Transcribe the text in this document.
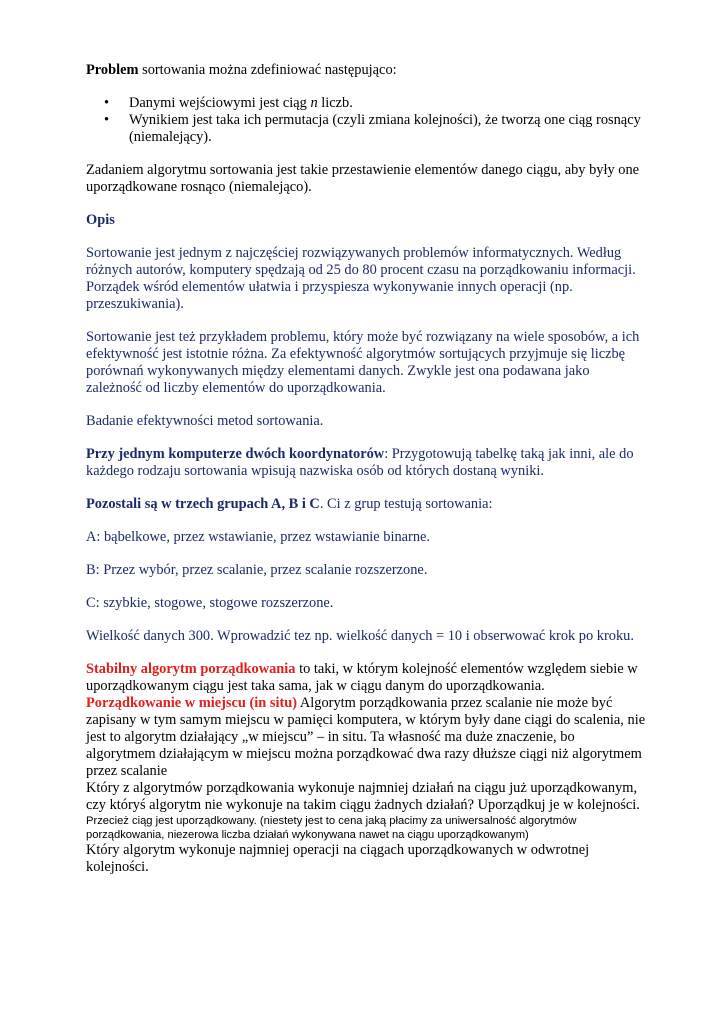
Problem sortowania można zdefiniować następująco:

• Danymi wejściowymi jest ciąg n liczb.
• Wynikiem jest taka ich permutacja (czyli zmiana kolejności), że tworzą one ciąg rosnący (niemalejący).

Zadaniem algorytmu sortowania jest takie przestawienie elementów danego ciągu, aby były one uporządkowane rosnąco (niemalejąco).

Opis

Sortowanie jest jednym z najczęściej rozwiązywanych problemów informatycznych. Według różnych autorów, komputery spędzają od 25 do 80 procent czasu na porządkowaniu informacji. Porządek wśród elementów ułatwia i przyspiesza wykonywanie innych operacji (np. przeszukiwania).

Sortowanie jest też przykładem problemu, który może być rozwiązany na wiele sposobów, a ich efektywność jest istotnie różna. Za efektywność algorytmów sortujących przyjmuje się liczbę porównań wykonywanych między elementami danych. Zwykle jest ona podawana jako zależność od liczby elementów do uporządkowania.

Badanie efektywności metod sortowania.

Przy jednym komputerze dwóch koordynatorów: Przygotowują tabelkę taką jak inni, ale do każdego rodzaju sortowania wpisują nazwiska osób od których dostaną wyniki.

Pozostali są w trzech grupach A, B i C. Ci z grup testują sortowania:

A: bąbelkowe, przez wstawianie, przez wstawianie binarne.

B: Przez wybór, przez scalanie, przez scalanie rozszerzone.

C: szybkie, stogowe, stogowe rozszerzone.

Wielkość danych 300. Wprowadzić tez np. wielkość danych = 10 i obserwować krok po kroku.

Stabilny algorytm porządkowania to taki, w którym kolejność elementów względem siebie w uporządkowanym ciągu jest taka sama, jak w ciągu danym do uporządkowania.

Porządkowanie w miejscu (in situ) Algorytm porządkowania przez scalanie nie może być zapisany w tym samym miejscu w pamięci komputera, w którym były dane ciągi do scalenia, nie jest to algorytm działający „w miejscu” – in situ. Ta własność ma duże znaczenie, bo algorytmem działającym w miejscu można porządkować dwa razy dłuższe ciągi niż algorytmem przez scalanie

Który z algorytmów porządkowania wykonuje najmniej działań na ciągu już uporządkowanym, czy któryś algorytm nie wykonuje na takim ciągu żadnych działań? Uporządkuj je w kolejności.

Przecież ciąg jest uporządkowany. (niestety jest to cena jaką płacimy za uniwersalność algorytmów porządkowania, niezerowa liczba działań wykonywana nawet na ciągu uporządkowanym)

Który algorytm wykonuje najmniej operacji na ciągach uporządkowanych w odwrotnej kolejności.
